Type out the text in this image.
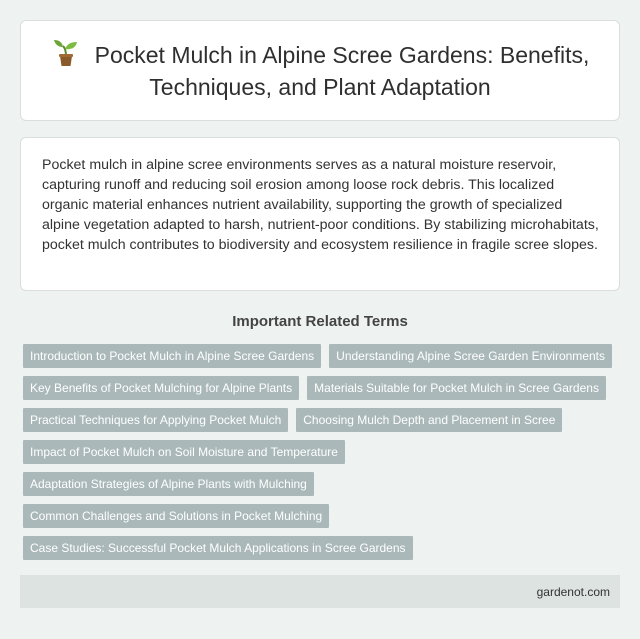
Pocket Mulch in Alpine Scree Gardens: Benefits, Techniques, and Plant Adaptation

Pocket mulch in alpine scree environments serves as a natural moisture reservoir, capturing runoff and reducing soil erosion among loose rock debris. This localized organic material enhances nutrient availability, supporting the growth of specialized alpine vegetation adapted to harsh, nutrient-poor conditions. By stabilizing microhabitats, pocket mulch contributes to biodiversity and ecosystem resilience in fragile scree slopes.

Important Related Terms
Introduction to Pocket Mulch in Alpine Scree Gardens	Understanding Alpine Scree Garden Environments
Key Benefits of Pocket Mulching for Alpine Plants	Materials Suitable for Pocket Mulch in Scree Gardens
Practical Techniques for Applying Pocket Mulch	Choosing Mulch Depth and Placement in Scree
Impact of Pocket Mulch on Soil Moisture and Temperature
Adaptation Strategies of Alpine Plants with Mulching
Common Challenges and Solutions in Pocket Mulching
Case Studies: Successful Pocket Mulch Applications in Scree Gardens
gardenot.com
